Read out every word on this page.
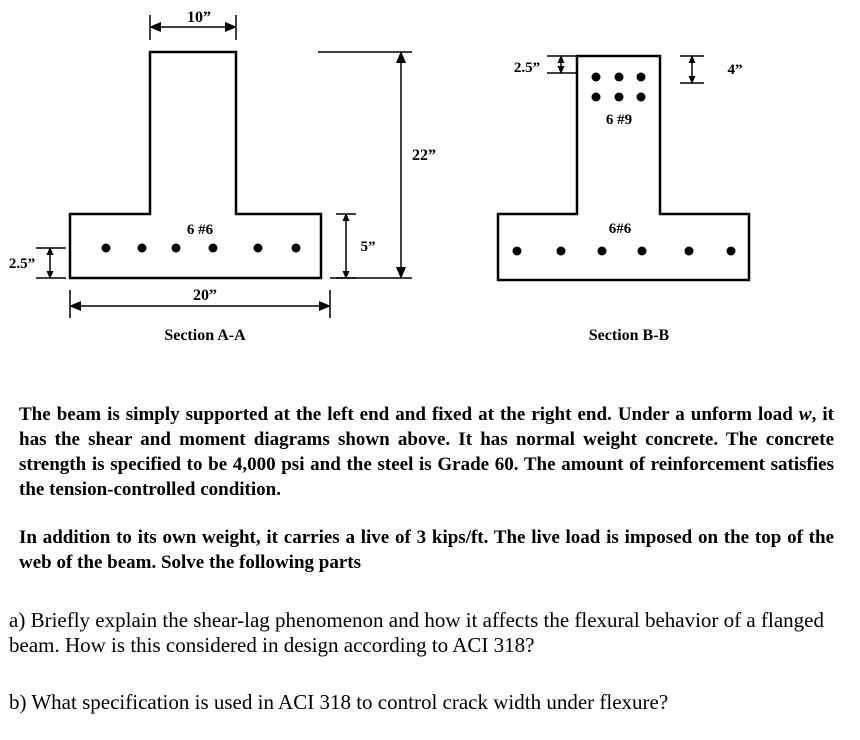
10”
22”
5”
2.5”
6 #6
20”
Section A-A
2.5”	4”
6 #9
6#6
Section B-B

The beam is simply supported at the left end and fixed at the right end. Under a unform load w, it has the shear and moment diagrams shown above. It has normal weight concrete. The concrete strength is specified to be 4,000 psi and the steel is Grade 60. The amount of reinforcement satisfies the tension-controlled condition.

In addition to its own weight, it carries a live of 3 kips/ft. The live load is imposed on the top of the web of the beam. Solve the following parts

a) Briefly explain the shear-lag phenomenon and how it affects the flexural behavior of a flanged beam. How is this considered in design according to ACI 318?

b) What specification is used in ACI 318 to control crack width under flexure?
